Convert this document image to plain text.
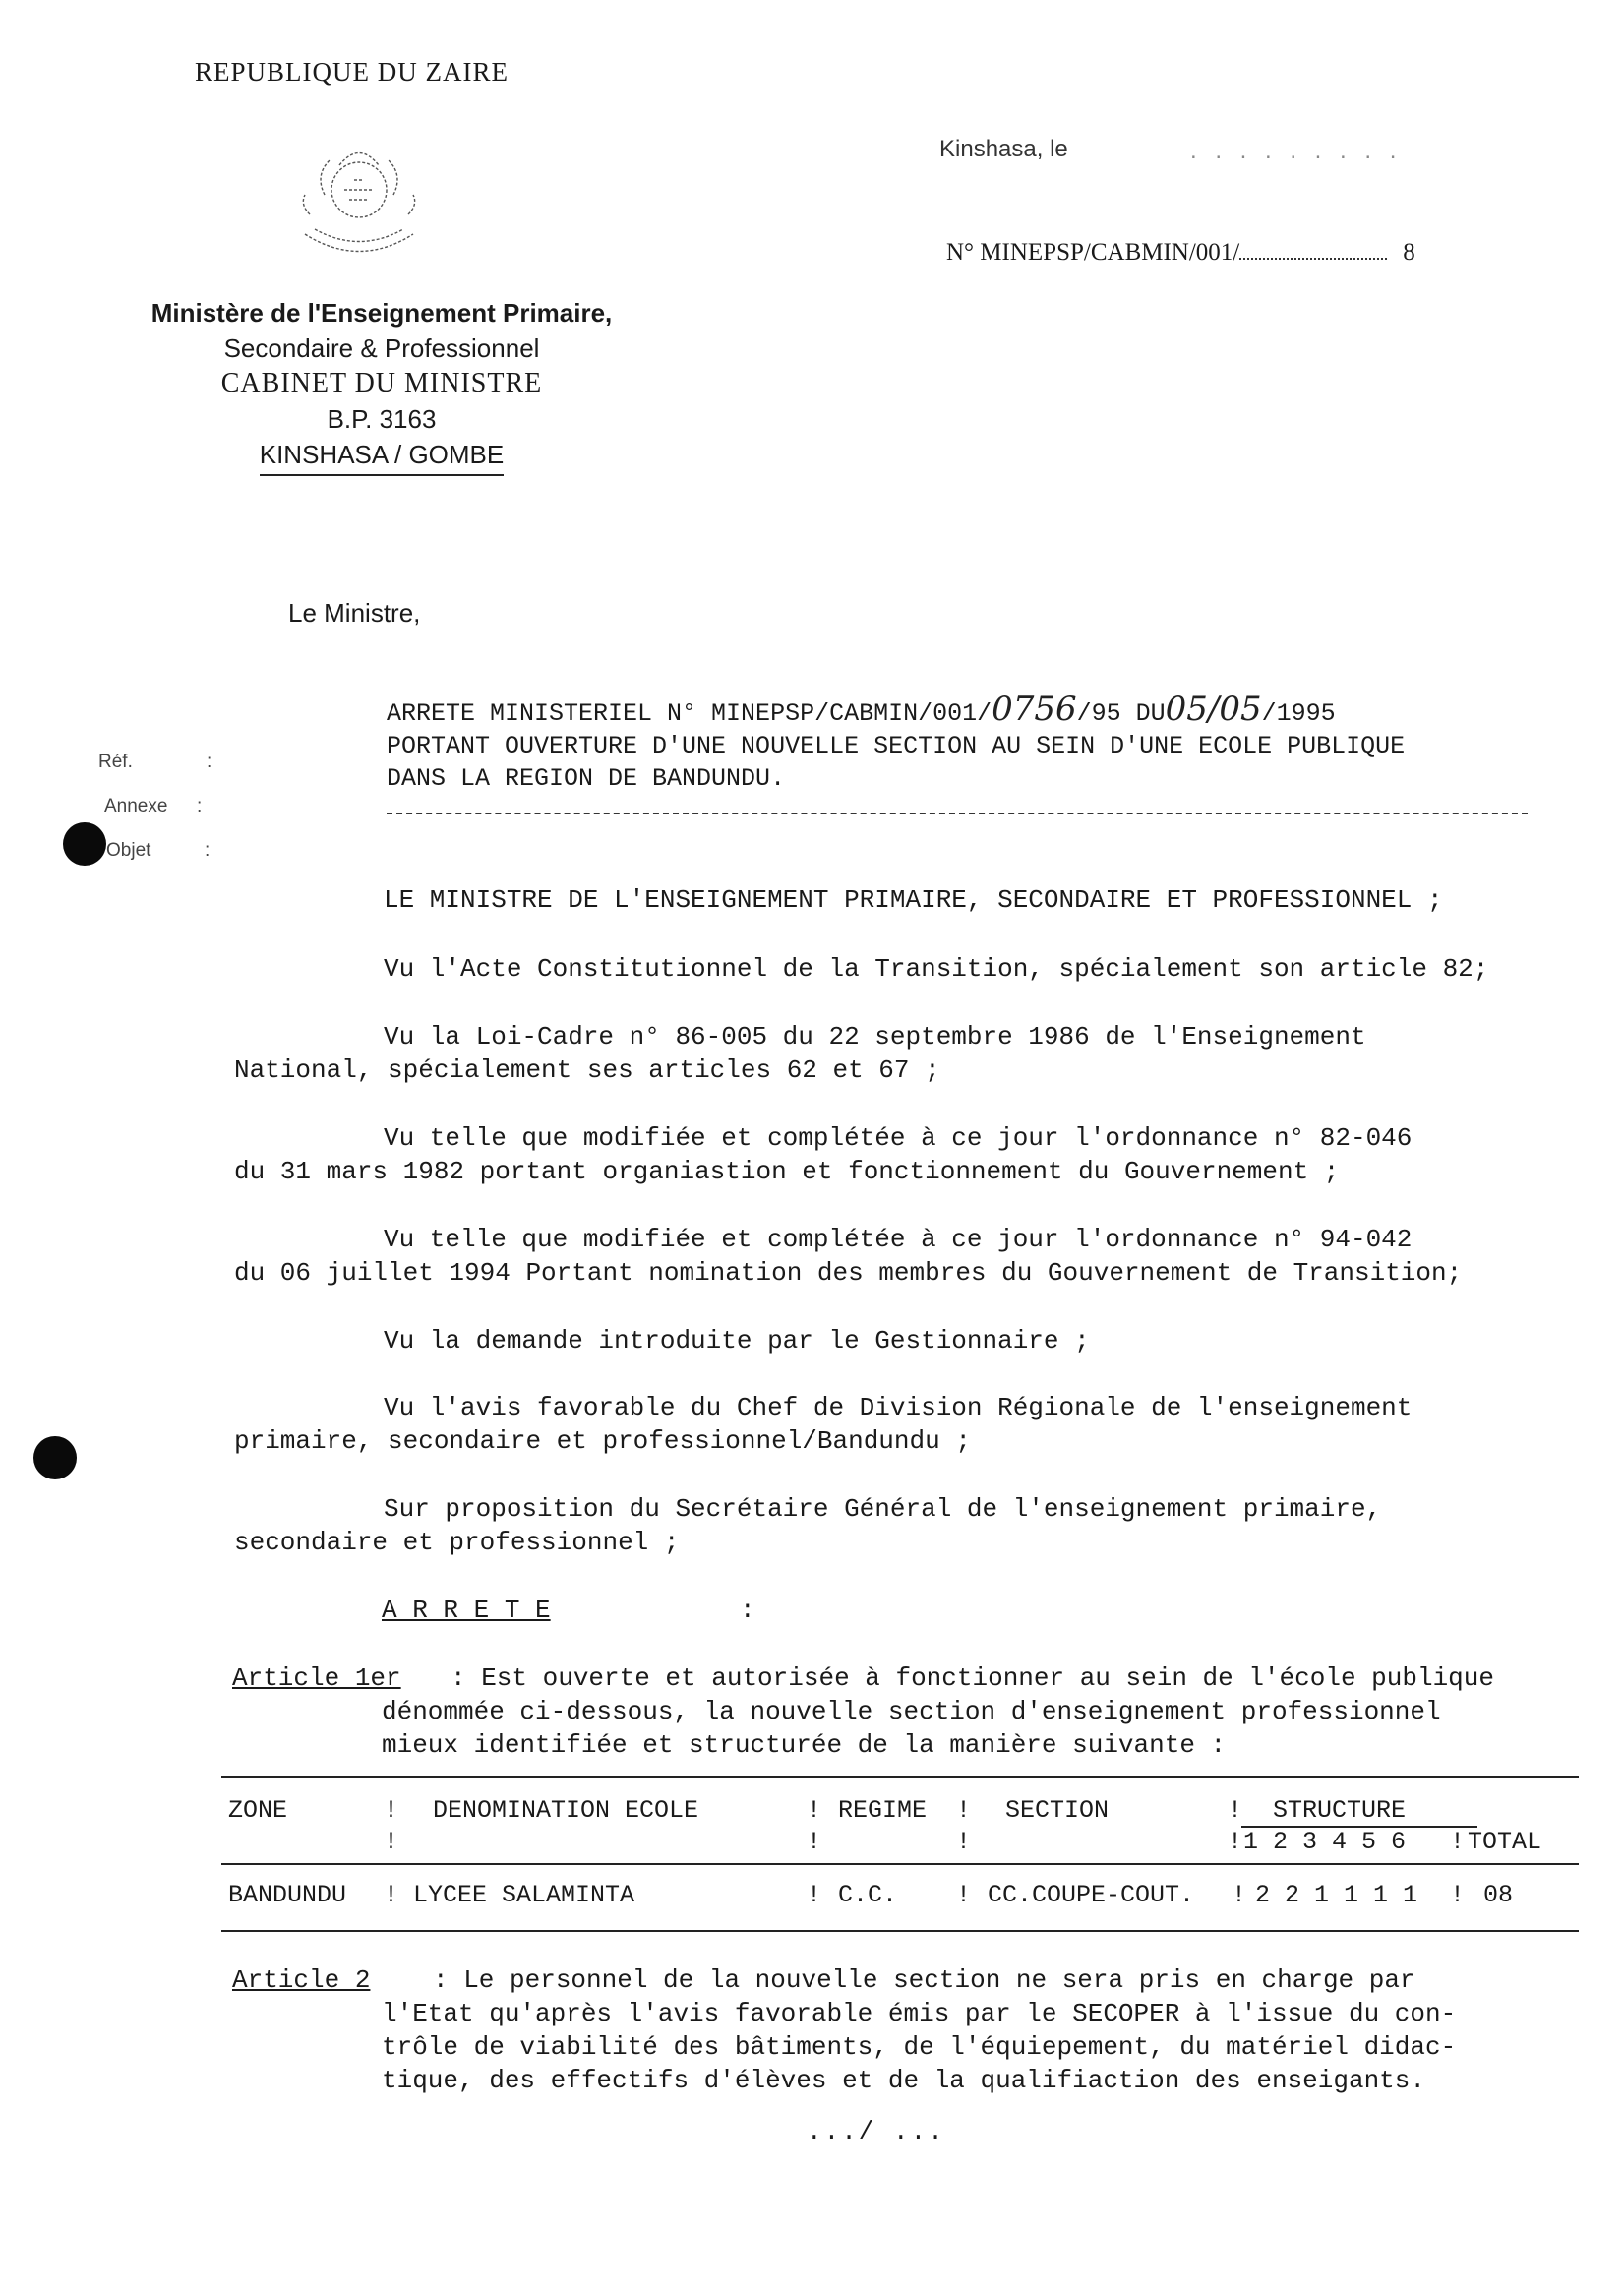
REPUBLIQUE DU ZAIRE
Ministère de l'Enseignement Primaire,
Secondaire & Professionnel
CABINET DU MINISTRE
B.P. 3163
KINSHASA / GOMBE
Kinshasa, le	. . . . . . . . .
N° MINEPSP/CABMIN/001/	8
Le Ministre,
Réf.	:
Annexe :
Objet	:
ARRETE MINISTERIEL N° MINEPSP/CABMIN/001/0756/95 DU05/05/1995
PORTANT OUVERTURE D'UNE NOUVELLE SECTION AU SEIN D'UNE ECOLE PUBLIQUE
DANS LA REGION DE BANDUNDU.
LE MINISTRE DE L'ENSEIGNEMENT PRIMAIRE, SECONDAIRE ET PROFESSIONNEL ;
Vu l'Acte Constitutionnel de la Transition, spécialement son article 82;
Vu la Loi-Cadre n° 86-005 du 22 septembre 1986 de l'Enseignement
National, spécialement ses articles 62 et 67 ;
Vu telle que modifiée et complétée à ce jour l'ordonnance n° 82-046
du 31 mars 1982 portant organiastion et fonctionnement du Gouvernement ;
Vu telle que modifiée et complétée à ce jour l'ordonnance n° 94-042
du 06 juillet 1994 Portant nomination des membres du Gouvernement de Transition;
Vu la demande introduite par le Gestionnaire ;
Vu l'avis favorable du Chef de Division Régionale de l'enseignement
primaire, secondaire et professionnel/Bandundu ;
Sur proposition du Secrétaire Général de l'enseignement primaire,
secondaire et professionnel ;
A R R E T E	:
Article 1er : Est ouverte et autorisée à fonctionner au sein de l'école publique
dénommée ci-dessous, la nouvelle section d'enseignement professionnel
mieux identifiée et structurée de la manière suivante :
ZONE	! DENOMINATION ECOLE	! REGIME ! SECTION	! STRUCTURE
!	!	!	! 1 2 3 4 5 6 ! TOTAL
BANDUNDU ! LYCEE SALAMINTA	! C.C. ! CC.COUPE-COUT. ! 2 2 1 1 1 1 ! 08
Article 2 : Le personnel de la nouvelle section ne sera pris en charge par
l'Etat qu'après l'avis favorable émis par le SECOPER à l'issue du con-
trôle de viabilité des bâtiments, de l'équiepement, du matériel didac-
tique, des effectifs d'élèves et de la qualifiaction des enseigants.
.../ ...
